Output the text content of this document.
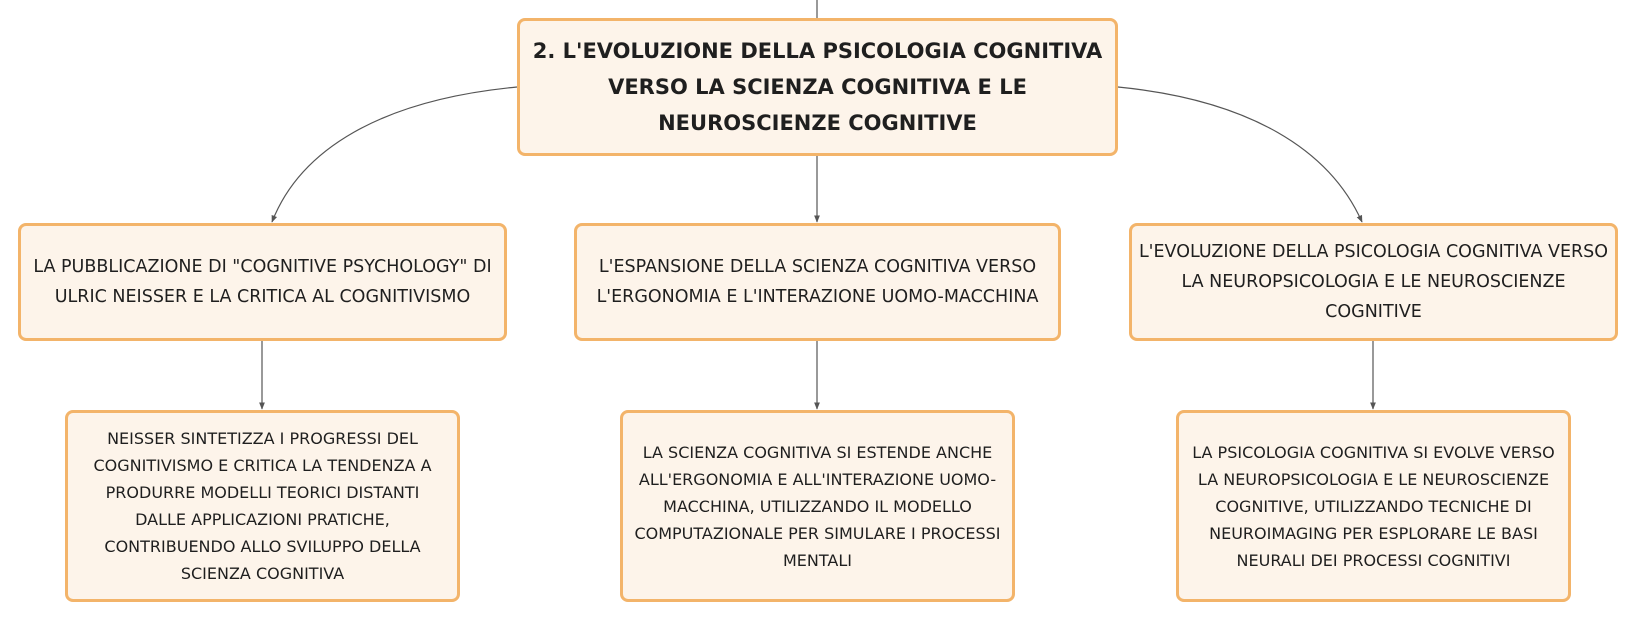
2. L'EVOLUZIONE DELLA PSICOLOGIA COGNITIVA VERSO LA SCIENZA COGNITIVA E LE NEUROSCIENZE COGNITIVE
LA PUBBLICAZIONE DI "COGNITIVE PSYCHOLOGY" DI ULRIC NEISSER E LA CRITICA AL COGNITIVISMO
L'ESPANSIONE DELLA SCIENZA COGNITIVA VERSO L'ERGONOMIA E L'INTERAZIONE UOMO-MACCHINA
L'EVOLUZIONE DELLA PSICOLOGIA COGNITIVA VERSO LA NEUROPSICOLOGIA E LE NEUROSCIENZE COGNITIVE
NEISSER SINTETIZZA I PROGRESSI DEL COGNITIVISMO E CRITICA LA TENDENZA A PRODURRE MODELLI TEORICI DISTANTI DALLE APPLICAZIONI PRATICHE, CONTRIBUENDO ALLO SVILUPPO DELLA SCIENZA COGNITIVA
LA SCIENZA COGNITIVA SI ESTENDE ANCHE ALL'ERGONOMIA E ALL'INTERAZIONE UOMO-MACCHINA, UTILIZZANDO IL MODELLO COMPUTAZIONALE PER SIMULARE I PROCESSI MENTALI
LA PSICOLOGIA COGNITIVA SI EVOLVE VERSO LA NEUROPSICOLOGIA E LE NEUROSCIENZE COGNITIVE, UTILIZZANDO TECNICHE DI NEUROIMAGING PER ESPLORARE LE BASI NEURALI DEI PROCESSI COGNITIVI
